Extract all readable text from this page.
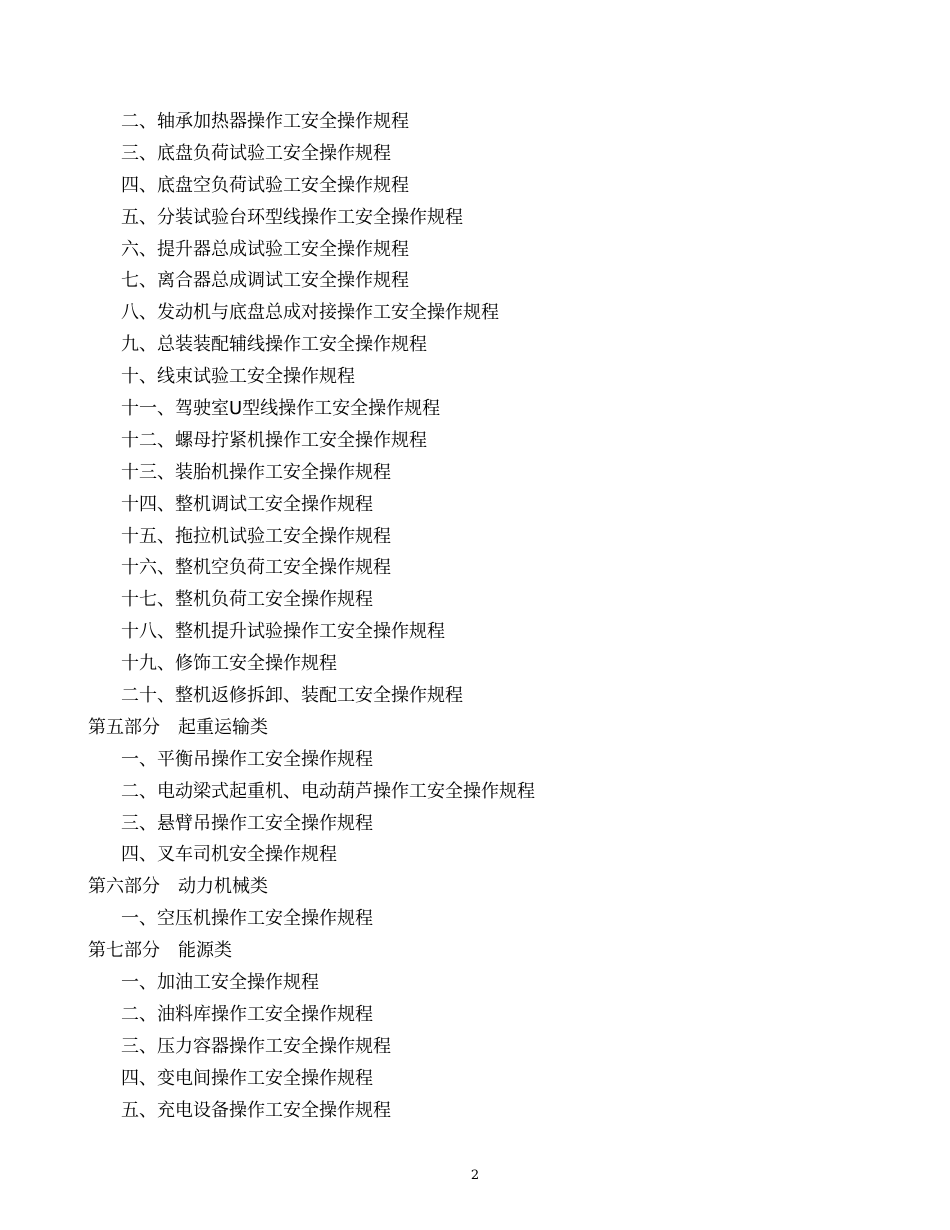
二、轴承加热器操作工安全操作规程
三、底盘负荷试验工安全操作规程
四、底盘空负荷试验工安全操作规程
五、分装试验台环型线操作工安全操作规程
六、提升器总成试验工安全操作规程
七、离合器总成调试工安全操作规程
八、发动机与底盘总成对接操作工安全操作规程
九、总装装配辅线操作工安全操作规程
十、线束试验工安全操作规程
十一、驾驶室U型线操作工安全操作规程
十二、螺母拧紧机操作工安全操作规程
十三、装胎机操作工安全操作规程
十四、整机调试工安全操作规程
十五、拖拉机试验工安全操作规程
十六、整机空负荷工安全操作规程
十七、整机负荷工安全操作规程
十八、整机提升试验操作工安全操作规程
十九、修饰工安全操作规程
二十、整机返修拆卸、装配工安全操作规程
第五部分　起重运输类
一、平衡吊操作工安全操作规程
二、电动梁式起重机、电动葫芦操作工安全操作规程
三、悬臂吊操作工安全操作规程
四、叉车司机安全操作规程
第六部分　动力机械类
一、空压机操作工安全操作规程
第七部分　能源类
一、加油工安全操作规程
二、油料库操作工安全操作规程
三、压力容器操作工安全操作规程
四、变电间操作工安全操作规程
五、充电设备操作工安全操作规程
2
